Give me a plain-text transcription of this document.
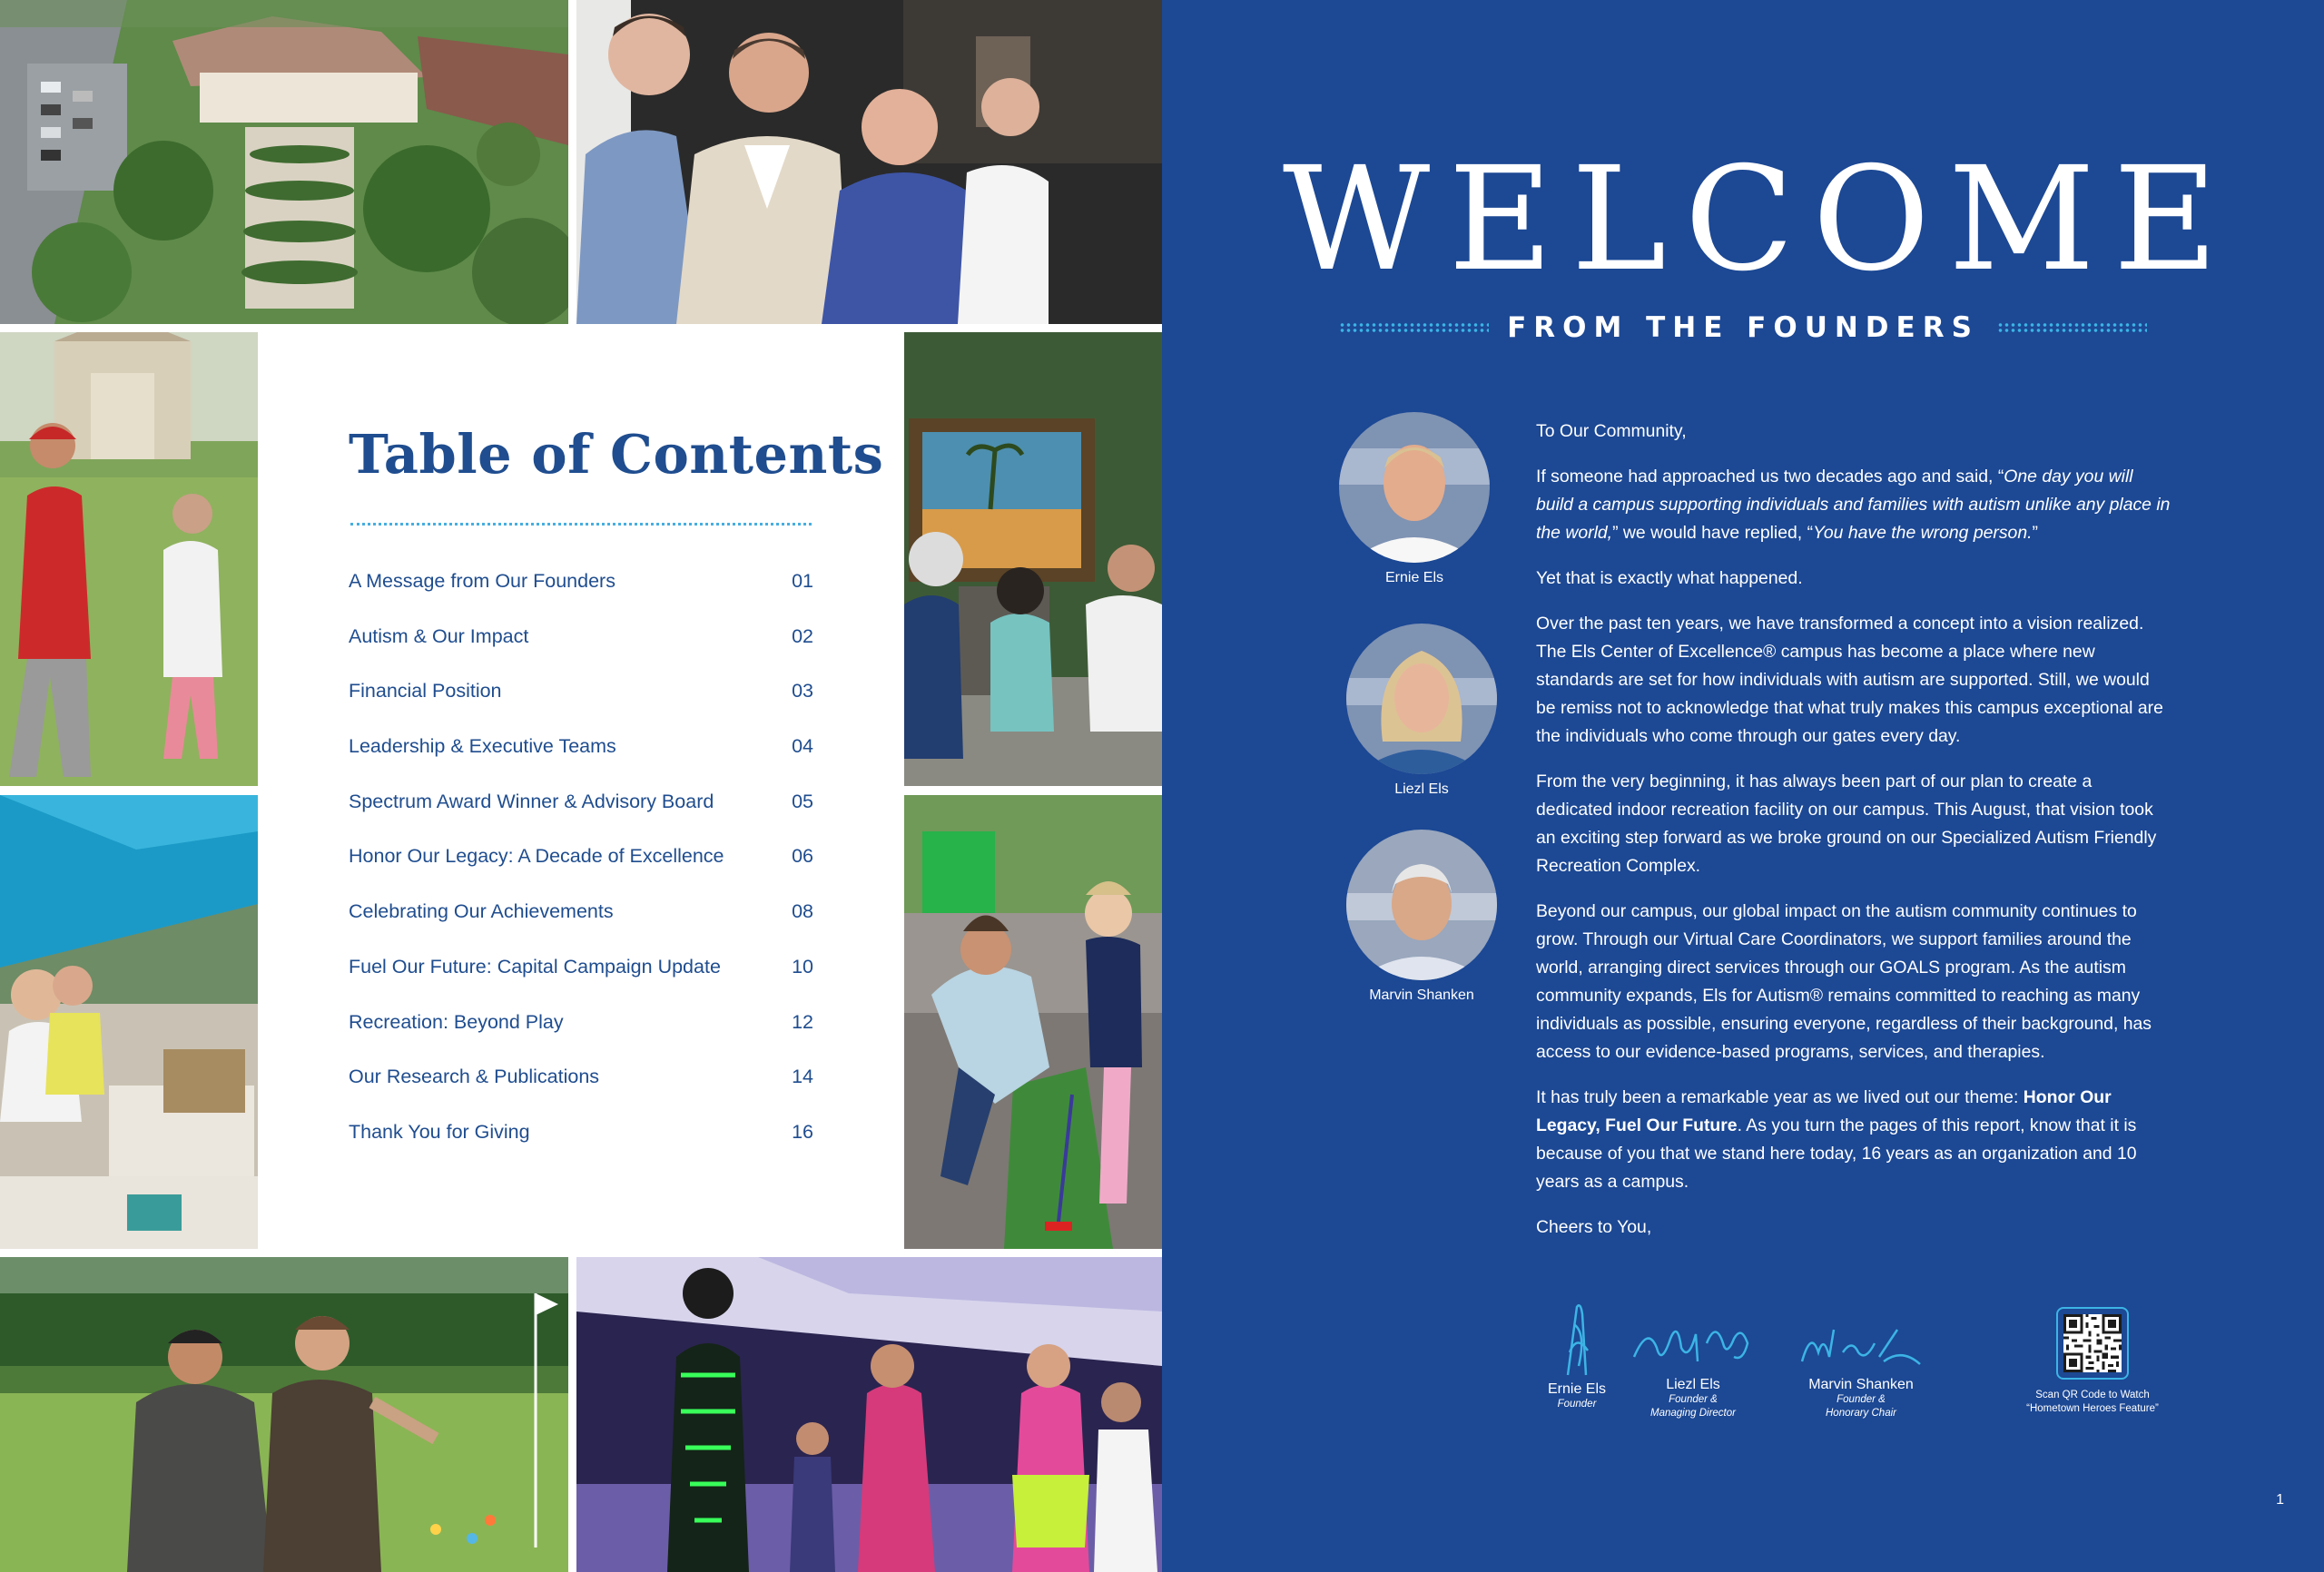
Table of Contents
A Message from Our Founders	01
Autism & Our Impact	02
Financial Position	03
Leadership & Executive Teams	04
Spectrum Award Winner & Advisory Board	05
Honor Our Legacy: A Decade of Excellence	06
Celebrating Our Achievements	08
Fuel Our Future: Capital Campaign Update	10
Recreation: Beyond Play	12
Our Research & Publications	14
Thank You for Giving	16
WELCOME
FROM THE FOUNDERS
Ernie Els
Liezl Els
Marvin Shanken

To Our Community,

If someone had approached us two decades ago and said, “One day you will build a campus supporting individuals and families with autism unlike any place in the world,” we would have replied, “You have the wrong person.”

Yet that is exactly what happened.

Over the past ten years, we have transformed a concept into a vision realized. The Els Center of Excellence® campus has become a place where new standards are set for how individuals with autism are supported. Still, we would be remiss not to acknowledge that what truly makes this campus exceptional are the individuals who come through our gates every day.

From the very beginning, it has always been part of our plan to create a dedicated indoor recreation facility on our campus. This August, that vision took an exciting step forward as we broke ground on our Specialized Autism Friendly Recreation Complex.

Beyond our campus, our global impact on the autism community continues to grow. Through our Virtual Care Coordinators, we support families around the world, arranging direct services through our GOALS program. As the autism community expands, Els for Autism® remains committed to reaching as many individuals as possible, ensuring everyone, regardless of their background, has access to our evidence-based programs, services, and therapies.

It has truly been a remarkable year as we lived out our theme: Honor Our Legacy, Fuel Our Future. As you turn the pages of this report, know that it is because of you that we stand here today, 16 years as an organization and 10 years as a campus.

Cheers to You,

Ernie Els
Founder
Liezl Els
Founder &
Managing Director
Marvin Shanken
Founder &
Honorary Chair
Scan QR Code to Watch
“Hometown Heroes Feature”
1
